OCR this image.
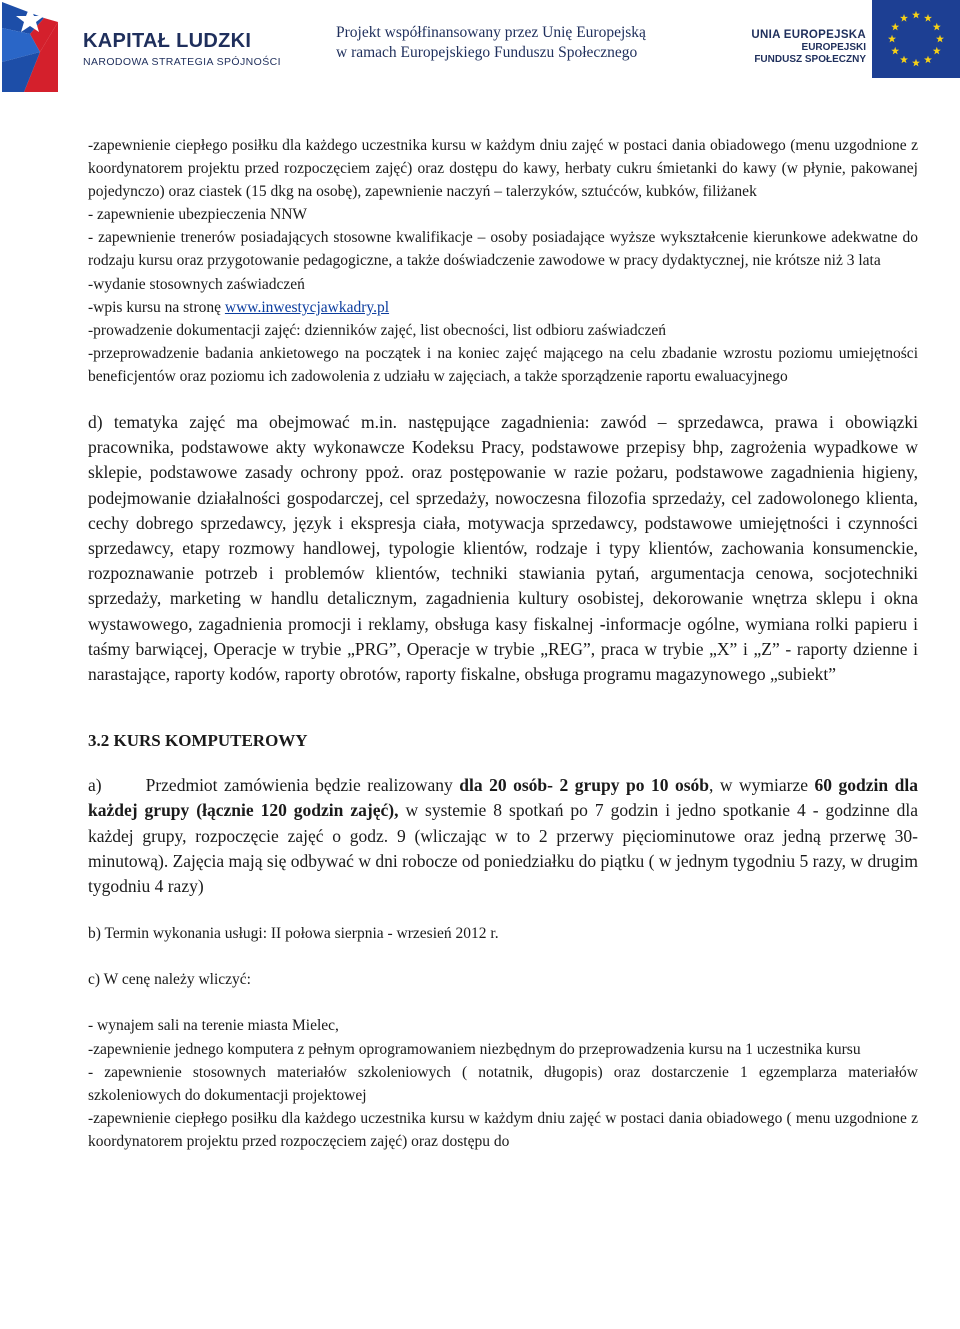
KAPITAŁ LUDZKI
NARODOWA STRATEGIA SPÓJNOŚCI
Projekt współfinansowany przez Unię Europejską
w ramach Europejskiego Funduszu Społecznego
UNIA EUROPEJSKA
EUROPEJSKI
FUNDUSZ SPOŁECZNY

-zapewnienie ciepłego posiłku dla każdego uczestnika kursu w każdym dniu zajęć w postaci dania obiadowego (menu uzgodnione z koordynatorem projektu przed rozpoczęciem zajęć) oraz dostępu do kawy, herbaty cukru śmietanki do kawy (w płynie, pakowanej pojedynczo) oraz ciastek (15 dkg na osobę), zapewnienie naczyń – talerzyków, sztućców, kubków, filiżanek

- zapewnienie ubezpieczenia NNW

- zapewnienie trenerów posiadających stosowne kwalifikacje – osoby posiadające wyższe wykształcenie kierunkowe adekwatne do rodzaju kursu oraz przygotowanie pedagogiczne, a także doświadczenie zawodowe w pracy dydaktycznej, nie krótsze niż 3 lata

-wydanie stosownych zaświadczeń

-wpis kursu na stronę www.inwestycjawkadry.pl

-prowadzenie dokumentacji zajęć: dzienników zajęć, list obecności, list odbioru zaświadczeń

-przeprowadzenie badania ankietowego na początek i na koniec zajęć mającego na celu zbadanie wzrostu poziomu umiejętności beneficjentów oraz poziomu ich zadowolenia z udziału w zajęciach, a także sporządzenie raportu ewaluacyjnego

d) tematyka zajęć ma obejmować m.in. następujące zagadnienia: zawód – sprzedawca, prawa i obowiązki pracownika, podstawowe akty wykonawcze Kodeksu Pracy, podstawowe przepisy bhp, zagrożenia wypadkowe w sklepie, podstawowe zasady ochrony ppoż. oraz postępowanie w razie pożaru, podstawowe zagadnienia higieny, podejmowanie działalności gospodarczej, cel sprzedaży, nowoczesna filozofia sprzedaży, cel zadowolonego klienta, cechy dobrego sprzedawcy, język i ekspresja ciała, motywacja sprzedawcy, podstawowe umiejętności i czynności sprzedawcy, etapy rozmowy handlowej, typologie klientów, rodzaje i typy klientów, zachowania konsumenckie, rozpoznawanie potrzeb i problemów klientów, techniki stawiania pytań, argumentacja cenowa, socjotechniki sprzedaży, marketing w handlu detalicznym, zagadnienia kultury osobistej, dekorowanie wnętrza sklepu i okna wystawowego, zagadnienia promocji i reklamy, obsługa kasy fiskalnej -informacje ogólne, wymiana rolki papieru i taśmy barwiącej, Operacje w trybie „PRG”, Operacje w trybie „REG”, praca w trybie „X” i „Z” - raporty dzienne i narastające, raporty kodów, raporty obrotów, raporty fiskalne, obsługa programu magazynowego „subiekt”

3.2 KURS KOMPUTEROWY

a)	Przedmiot zamówienia będzie realizowany dla 20 osób- 2 grupy po 10 osób, w wymiarze 60 godzin dla każdej grupy (łącznie 120 godzin zajęć), w systemie 8 spotkań po 7 godzin i jedno spotkanie 4 - godzinne dla każdej grupy, rozpoczęcie zajęć o godz. 9 (wliczając w to 2 przerwy pięciominutowe oraz jedną przerwę 30-minutową). Zajęcia mają się odbywać w dni robocze od poniedziałku do piątku ( w jednym tygodniu 5 razy, w drugim tygodniu 4 razy)

b) Termin wykonania usługi: II połowa sierpnia - wrzesień 2012 r.

c) W cenę należy wliczyć:

- wynajem sali na terenie miasta Mielec,

-zapewnienie jednego komputera z pełnym oprogramowaniem niezbędnym do przeprowadzenia kursu na 1 uczestnika kursu

- zapewnienie stosownych materiałów szkoleniowych ( notatnik, długopis) oraz dostarczenie 1 egzemplarza materiałów szkoleniowych do dokumentacji projektowej

-zapewnienie ciepłego posiłku dla każdego uczestnika kursu w każdym dniu zajęć w postaci dania obiadowego ( menu uzgodnione z koordynatorem projektu przed rozpoczęciem zajęć) oraz dostępu do
